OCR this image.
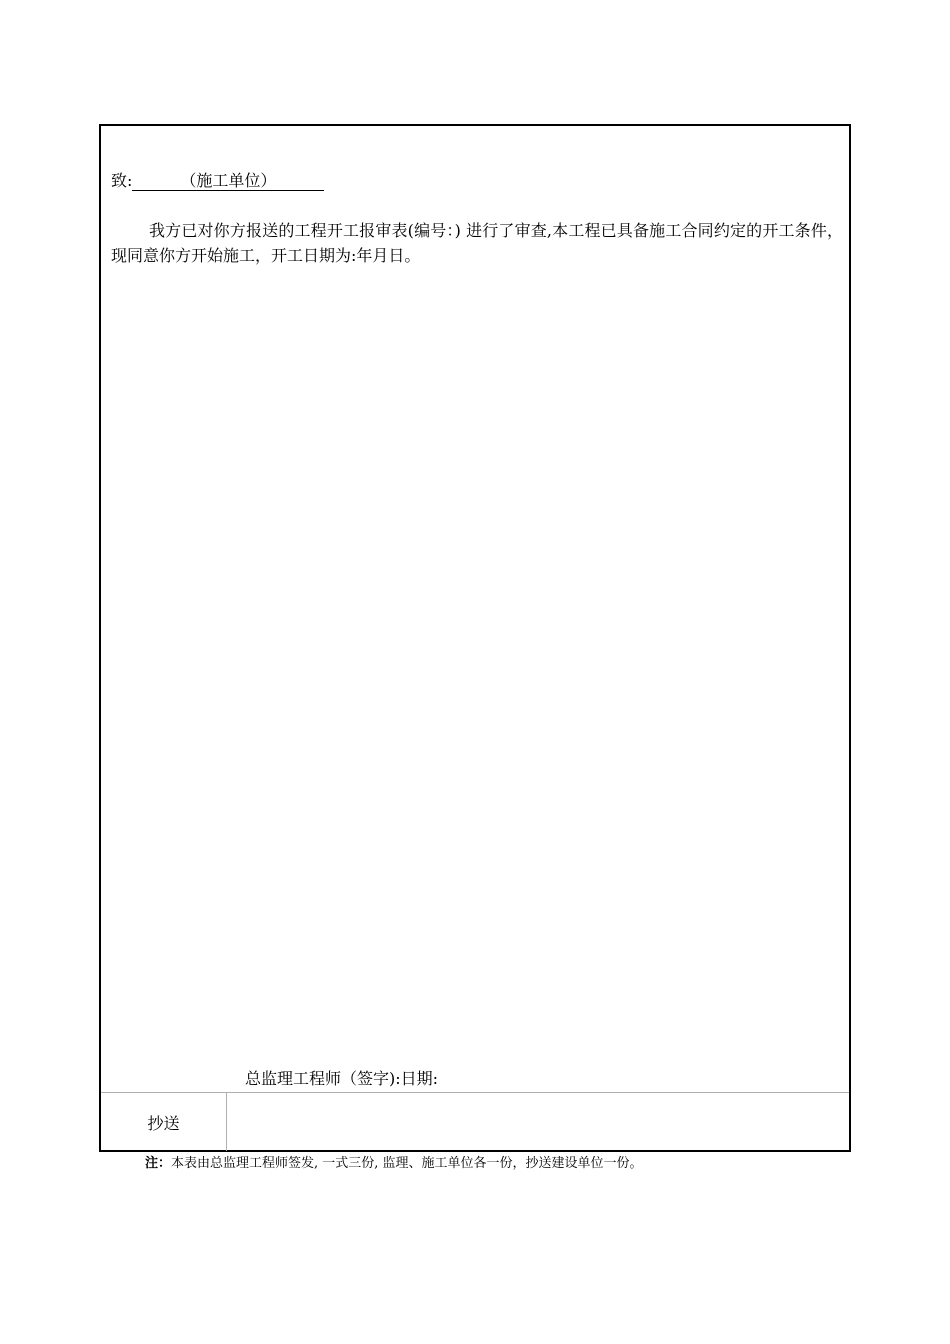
致:	（施工单位）

我方已对你方报送的工程开工报审表(编号：) 进行了审查,本工程已具备施工合同约定的开工条件，现同意你方开始施工，开工日期为:年月日。

总监理工程师（签字):日期:
抄送
注：本表由总监理工程师签发, 一式三份, 监理、施工单位各一份，抄送建设单位一份。
